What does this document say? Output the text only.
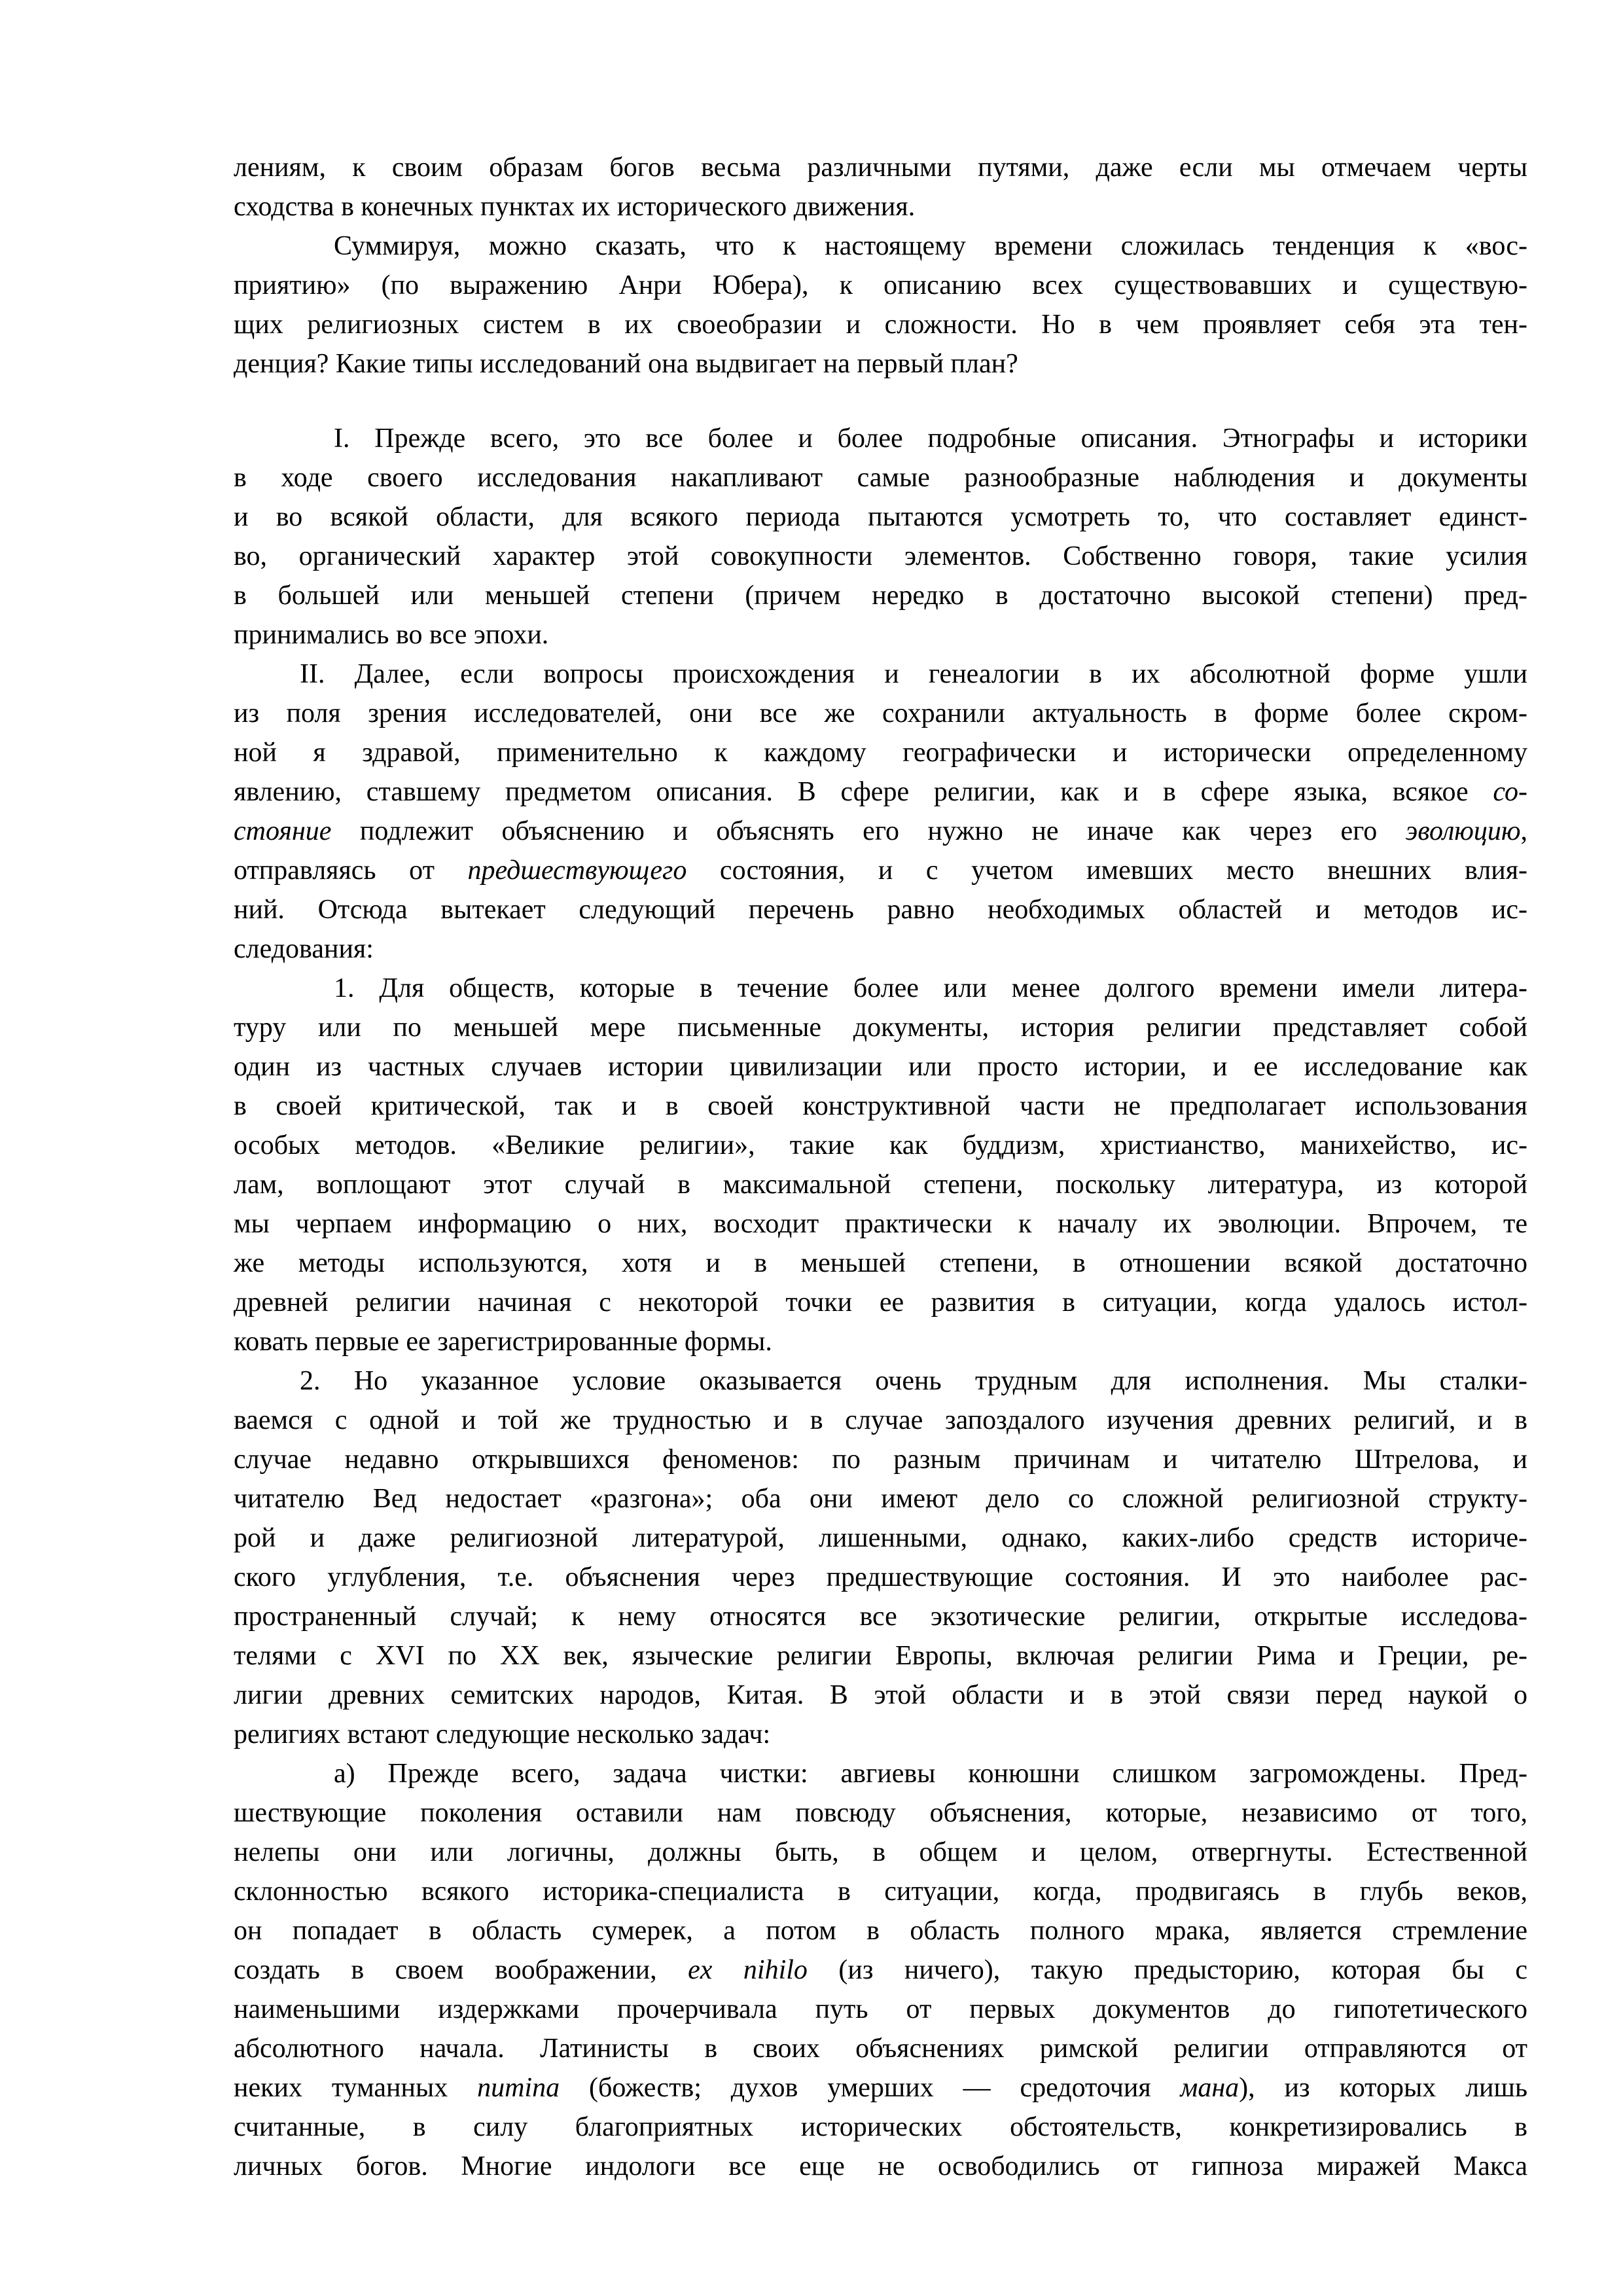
лениям, к своим образам богов весьма различными путями, даже если мы отмечаем черты
сходства в конечных пунктах их исторического движения.
Суммируя, можно сказать, что к настоящему времени сложилась тенденция к «вос-
приятию» (по выражению Анри Юбера), к описанию всех существовавших и существую-
щих религиозных систем в их своеобразии и сложности. Но в чем проявляет себя эта тен-
денция? Какие типы исследований она выдвигает на первый план?
I. Прежде всего, это все более и более подробные описания. Этнографы и историки
в ходе своего исследования накапливают самые разнообразные наблюдения и документы
и во всякой области, для всякого периода пытаются усмотреть то, что составляет единст-
во, органический характер этой совокупности элементов. Собственно говоря, такие усилия
в большей или меньшей степени (причем нередко в достаточно высокой степени) пред-
принимались во все эпохи.
II. Далее, если вопросы происхождения и генеалогии в их абсолютной форме ушли
из поля зрения исследователей, они все же сохранили актуальность в форме более скром-
ной я здравой, применительно к каждому географически и исторически определенному
явлению, ставшему предметом описания. В сфере религии, как и в сфере языка, всякое со-
стояние подлежит объяснению и объяснять его нужно не иначе как через его эволюцию,
отправляясь от предшествующего состояния, и с учетом имевших место внешних влия-
ний. Отсюда вытекает следующий перечень равно необходимых областей и методов ис-
следования:
1. Для обществ, которые в течение более или менее долгого времени имели литера-
туру или по меньшей мере письменные документы, история религии представляет собой
один из частных случаев истории цивилизации или просто истории, и ее исследование как
в своей критической, так и в своей конструктивной части не предполагает использования
особых методов. «Великие религии», такие как буддизм, христианство, манихейство, ис-
лам, воплощают этот случай в максимальной степени, поскольку литература, из которой
мы черпаем информацию о них, восходит практически к началу их эволюции. Впрочем, те
же методы используются, хотя и в меньшей степени, в отношении всякой достаточно
древней религии начиная с некоторой точки ее развития в ситуации, когда удалось истол-
ковать первые ее зарегистрированные формы.
2. Но указанное условие оказывается очень трудным для исполнения. Мы сталки-
ваемся с одной и той же трудностью и в случае запоздалого изучения древних религий, и в
случае недавно открывшихся феноменов: по разным причинам и читателю Штрелова, и
читателю Вед недостает «разгона»; оба они имеют дело со сложной религиозной структу-
рой и даже религиозной литературой, лишенными, однако, каких-либо средств историче-
ского углубления, т.е. объяснения через предшествующие состояния. И это наиболее рас-
пространенный случай; к нему относятся все экзотические религии, открытые исследова-
телями с XVI по XX век, языческие религии Европы, включая религии Рима и Греции, ре-
лигии древних семитских народов, Китая. В этой области и в этой связи перед наукой о
религиях встают следующие несколько задач:
а) Прежде всего, задача чистки: авгиевы конюшни слишком загромождены. Пред-
шествующие поколения оставили нам повсюду объяснения, которые, независимо от того,
нелепы они или логичны, должны быть, в общем и целом, отвергнуты. Естественной
склонностью всякого историка-специалиста в ситуации, когда, продвигаясь в глубь веков,
он попадает в область сумерек, а потом в область полного мрака, является стремление
создать в своем воображении, ex nihilo (из ничего), такую предысторию, которая бы с
наименьшими издержками прочерчивала путь от первых документов до гипотетического
абсолютного начала. Латинисты в своих объяснениях римской религии отправляются от
неких туманных numina (божеств; духов умерших — средоточия мана), из которых лишь
считанные, в силу благоприятных исторических обстоятельств, конкретизировались в
личных богов. Многие индологи все еще не освободились от гипноза миражей Макса
